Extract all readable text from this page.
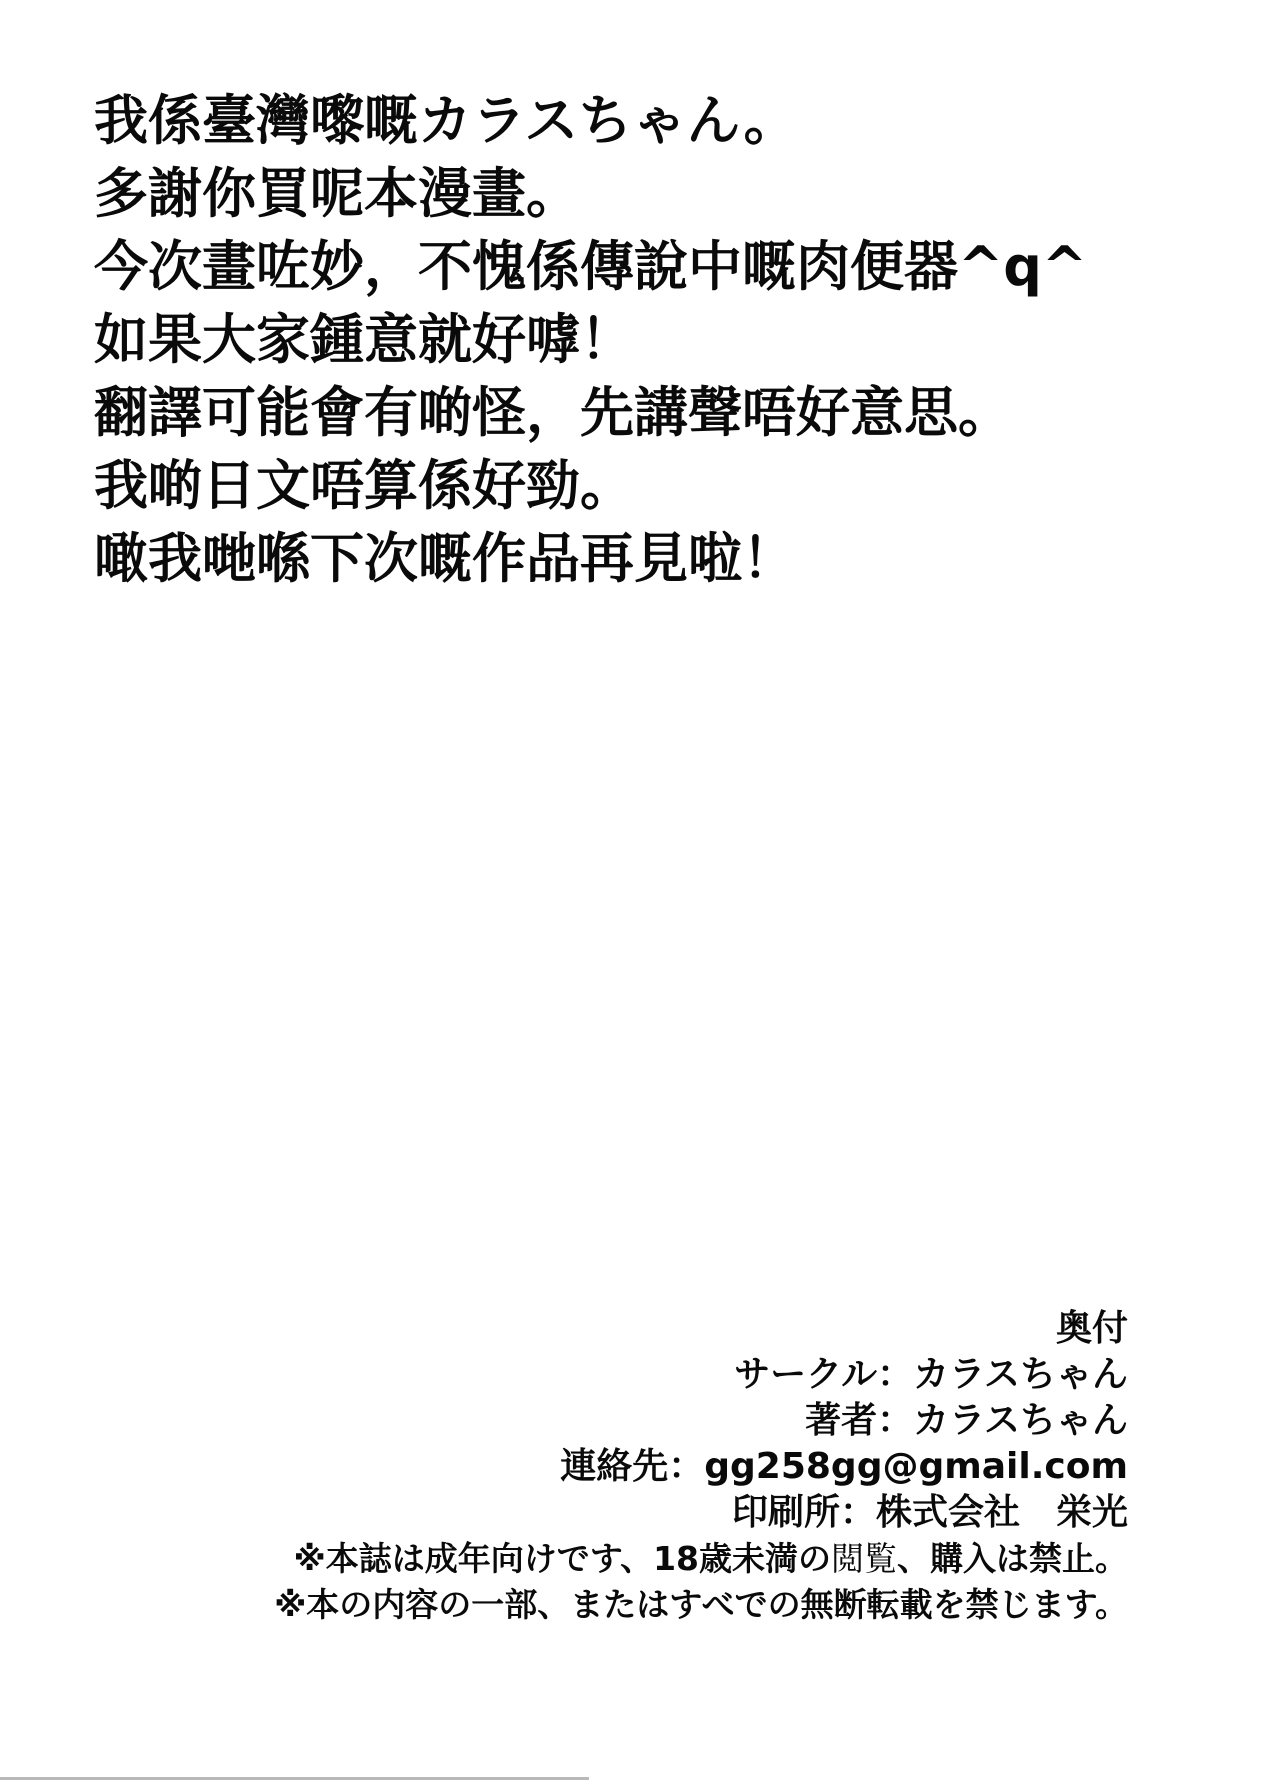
我係臺灣嚟嘅カラスちゃん。
多謝你買呢本漫畫。
今次畫咗妙，不愧係傳說中嘅肉便器^q^
如果大家鍾意就好嘑！
翻譯可能會有啲怪，先講聲唔好意思。
我啲日文唔算係好勁。
噉我哋喺下次嘅作品再見啦！
奥付
サークル：カラスちゃん
著者：カラスちゃん
連絡先：gg258gg@gmail.com
印刷所：株式会社　栄光
※本誌は成年向けです、18歳未満の閲覧、購入は禁止。
※本の内容の一部、またはすべでの無断転載を禁じます。
